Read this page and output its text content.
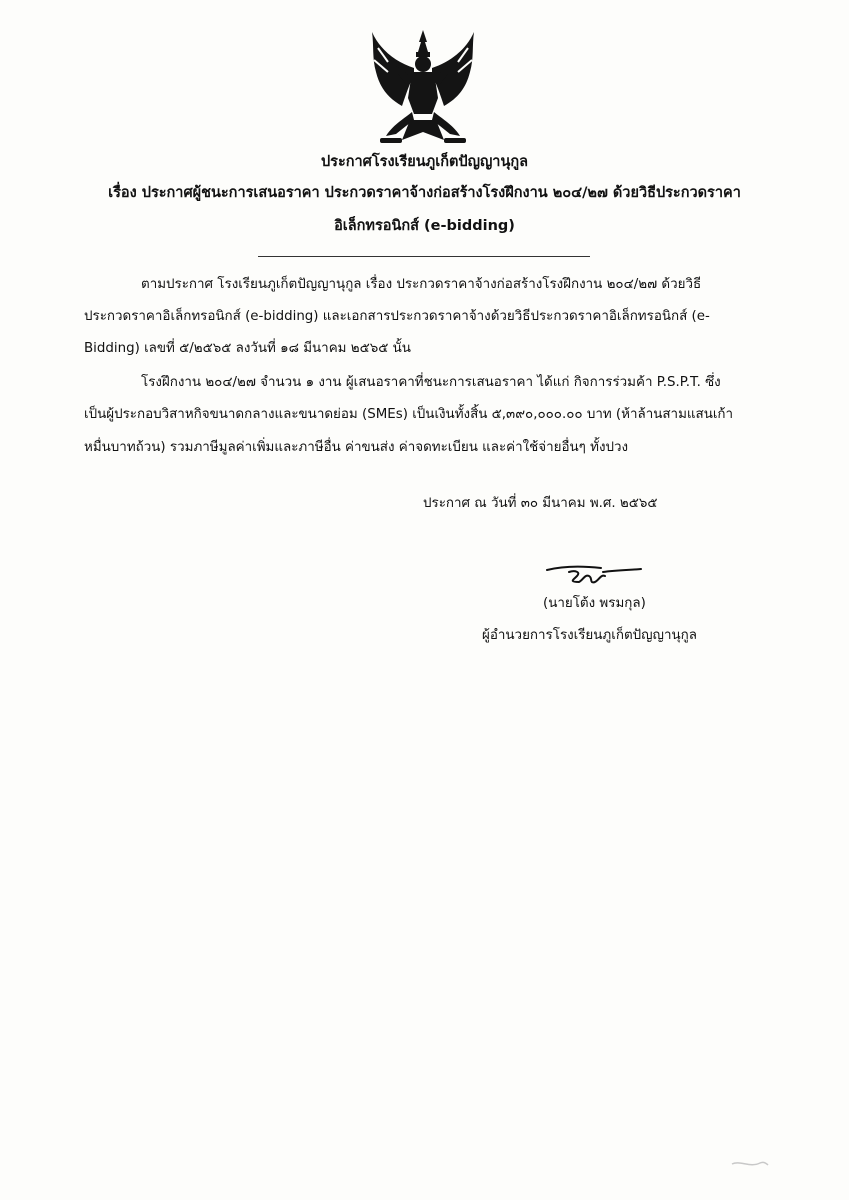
ประกาศโรงเรียนภูเก็ตปัญญานุกูล
เรื่อง ประกาศผู้ชนะการเสนอราคา ประกวดราคาจ้างก่อสร้างโรงฝึกงาน ๒๐๔/๒๗ ด้วยวิธีประกวดราคา
อิเล็กทรอนิกส์ (e-bidding)
ตามประกาศ โรงเรียนภูเก็ตปัญญานุกูล เรื่อง ประกวดราคาจ้างก่อสร้างโรงฝึกงาน ๒๐๔/๒๗ ด้วยวิธี
ประกวดราคาอิเล็กทรอนิกส์ (e-bidding) และเอกสารประกวดราคาจ้างด้วยวิธีประกวดราคาอิเล็กทรอนิกส์ (e-
Bidding) เลขที่ ๕/๒๕๖๕ ลงวันที่ ๑๘ มีนาคม ๒๕๖๕ นั้น
โรงฝึกงาน ๒๐๔/๒๗ จำนวน ๑ งาน ผู้เสนอราคาที่ชนะการเสนอราคา ได้แก่ กิจการร่วมค้า P.S.P.T. ซึ่ง
เป็นผู้ประกอบวิสาหกิจขนาดกลางและขนาดย่อม (SMEs) เป็นเงินทั้งสิ้น ๕,๓๙๐,๐๐๐.๐๐ บาท (ห้าล้านสามแสนเก้า
หมื่นบาทถ้วน) รวมภาษีมูลค่าเพิ่มและภาษีอื่น ค่าขนส่ง ค่าจดทะเบียน และค่าใช้จ่ายอื่นๆ ทั้งปวง
ประกาศ ณ วันที่ ๓๐ มีนาคม พ.ศ. ๒๕๖๕
(นายโต้ง พรมกุล)
ผู้อำนวยการโรงเรียนภูเก็ตปัญญานุกูล
